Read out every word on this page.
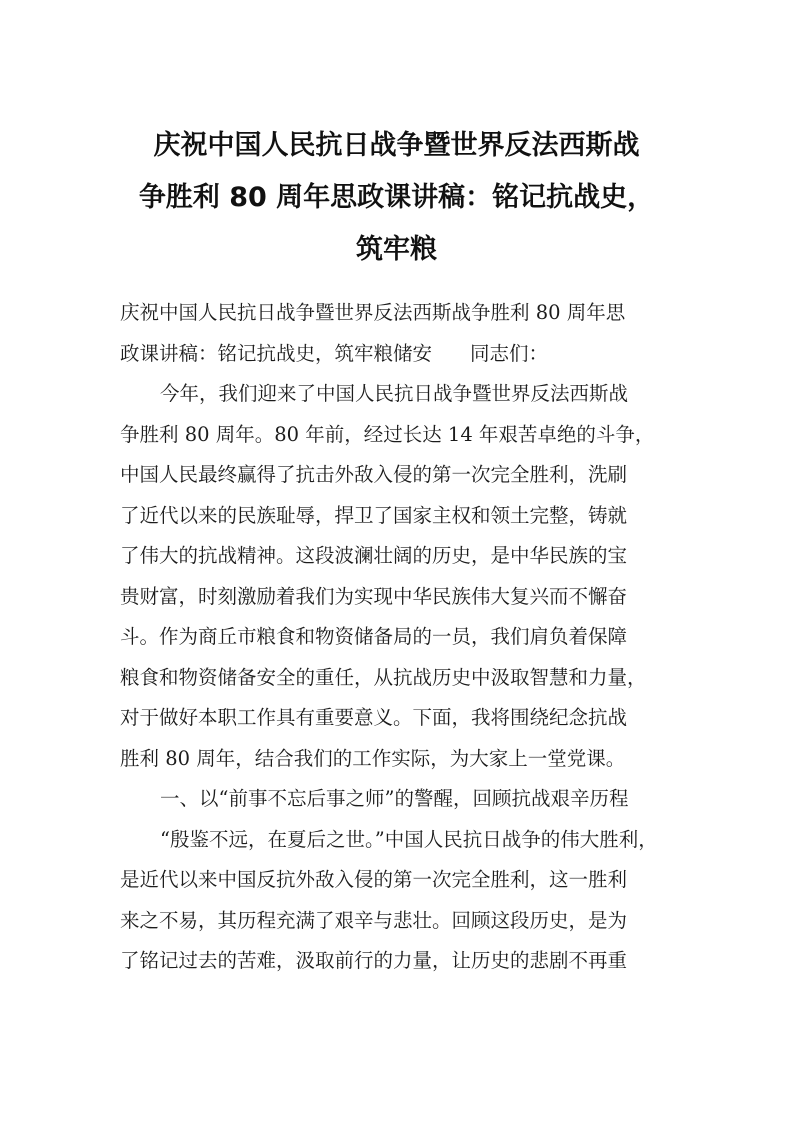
庆祝中国人民抗日战争暨世界反法西斯战
争胜利 80 周年思政课讲稿：铭记抗战史，
筑牢粮
庆祝中国人民抗日战争暨世界反法西斯战争胜利 80 周年思
政课讲稿：铭记抗战史，筑牢粮储安 同志们：
今年，我们迎来了中国人民抗日战争暨世界反法西斯战
争胜利 80 周年。80 年前，经过长达 14 年艰苦卓绝的斗争，
中国人民最终赢得了抗击外敌入侵的第一次完全胜利，洗刷
了近代以来的民族耻辱，捍卫了国家主权和领土完整，铸就
了伟大的抗战精神。这段波澜壮阔的历史，是中华民族的宝
贵财富，时刻激励着我们为实现中华民族伟大复兴而不懈奋
斗。作为商丘市粮食和物资储备局的一员，我们肩负着保障
粮食和物资储备安全的重任，从抗战历史中汲取智慧和力量，
对于做好本职工作具有重要意义。下面，我将围绕纪念抗战
胜利 80 周年，结合我们的工作实际，为大家上一堂党课。
一、以“前事不忘后事之师”的警醒，回顾抗战艰辛历程
“殷鉴不远，在夏后之世。”中国人民抗日战争的伟大胜利，
是近代以来中国反抗外敌入侵的第一次完全胜利，这一胜利
来之不易，其历程充满了艰辛与悲壮。回顾这段历史，是为
了铭记过去的苦难，汲取前行的力量，让历史的悲剧不再重
